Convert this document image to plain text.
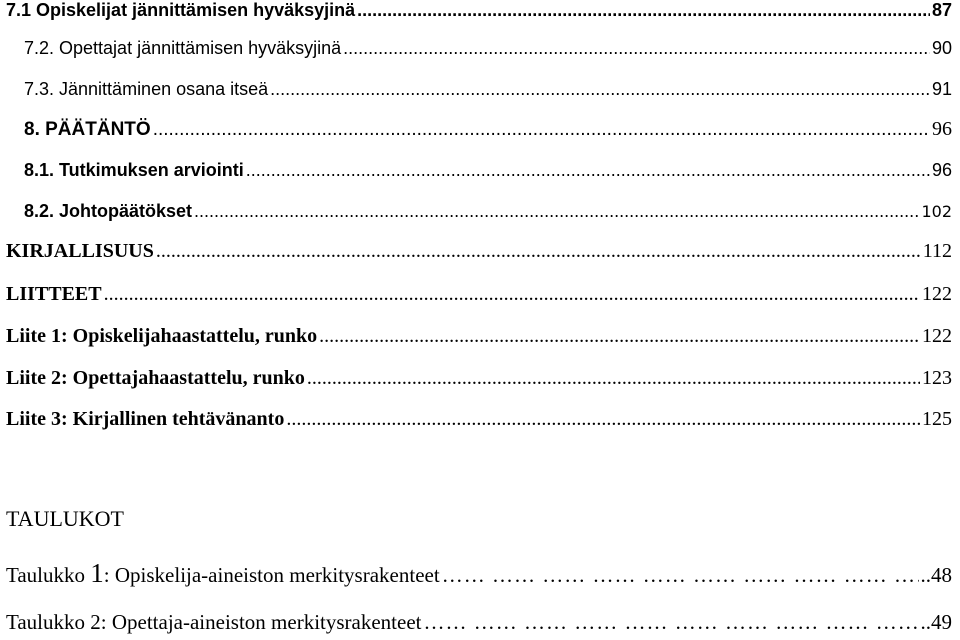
7.1 Opiskelijat jännittämisen hyväksyjinä .....	87
7.2. Opettajat jännittämisen hyväksyjinä .....	90
7.3. Jännittäminen osana itseä .....	91
8. PÄÄTÄNTÖ .....	96
8.1. Tutkimuksen arviointi .....	96
8.2. Johtopäätökset .....	102
KIRJALLISUUS .....	112
LIITTEET .....	122
Liite 1: Opiskelijahaastattelu, runko .....	122
Liite 2: Opettajahaastattelu, runko .....	123
Liite 3: Kirjallinen tehtävänanto .....	125
TAULUKOT
Taulukko 1: Opiskelija-aineiston merkitysrakenteet …… …… …… …… …… …… …… …… …… …… …… …… …… …… …… …… …… …… …… …… …… …… …… …… …… …… …… …… …… …… ……	..48
Taulukko 2: Opettaja-aineiston merkitysrakenteet …… …… …… …… …… …… …… …… …… …… …… …… …… …… …… …… …… …… …… …… …… …… …… …… …… …… …… …… …… …… ……	..49
